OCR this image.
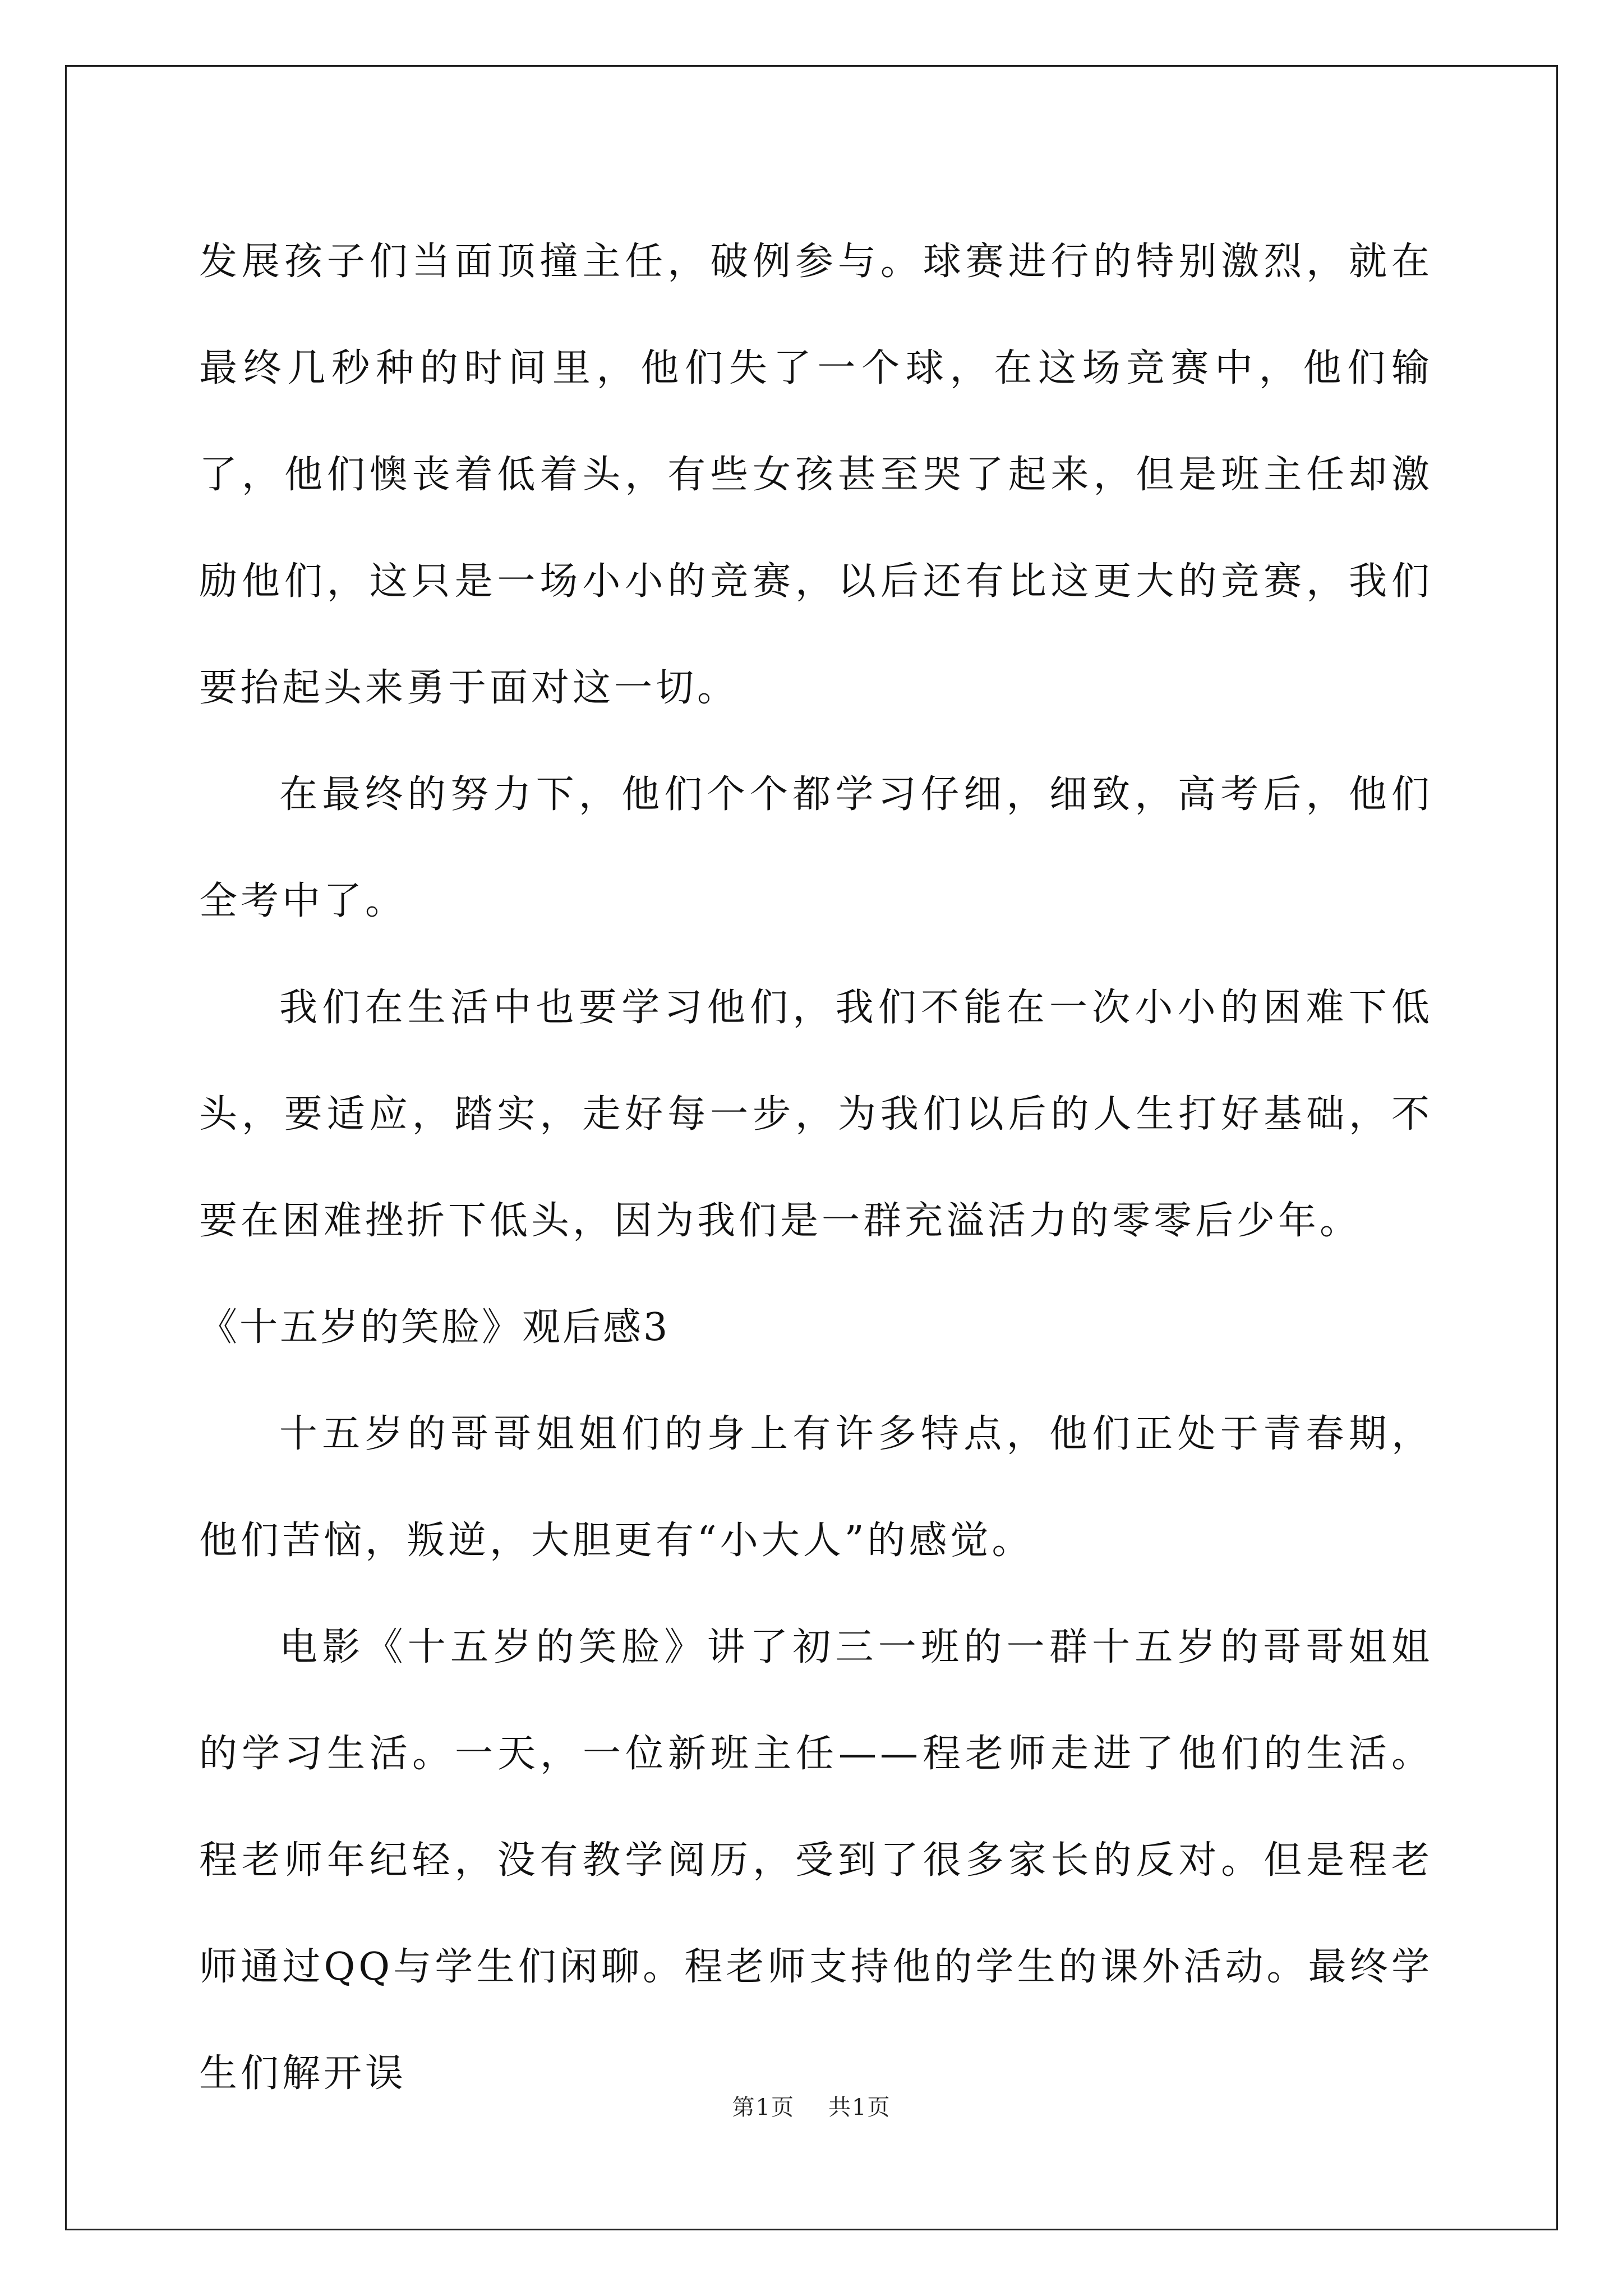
发展孩子们当面顶撞主任，破例参与。球赛进行的特别激烈，就在最终几秒种的时间里，他们失了一个球，在这场竞赛中，他们输了，他们懊丧着低着头，有些女孩甚至哭了起来，但是班主任却激励他们，这只是一场小小的竞赛，以后还有比这更大的竞赛，我们要抬起头来勇于面对这一切。

在最终的努力下，他们个个都学习仔细，细致，高考后，他们全考中了。

我们在生活中也要学习他们，我们不能在一次小小的困难下低头，要适应，踏实，走好每一步，为我们以后的人生打好基础，不要在困难挫折下低头，因为我们是一群充溢活力的零零后少年。

《十五岁的笑脸》观后感3

十五岁的哥哥姐姐们的身上有许多特点，他们正处于青春期，他们苦恼，叛逆，大胆更有“小大人”的感觉。

电影《十五岁的笑脸》讲了初三一班的一群十五岁的哥哥姐姐的学习生活。一天，一位新班主任——程老师走进了他们的生活。程老师年纪轻，没有教学阅历，受到了很多家长的反对。但是程老师通过QQ与学生们闲聊。程老师支持他的学生的课外活动。最终学生们解开误

第1页 共1页
